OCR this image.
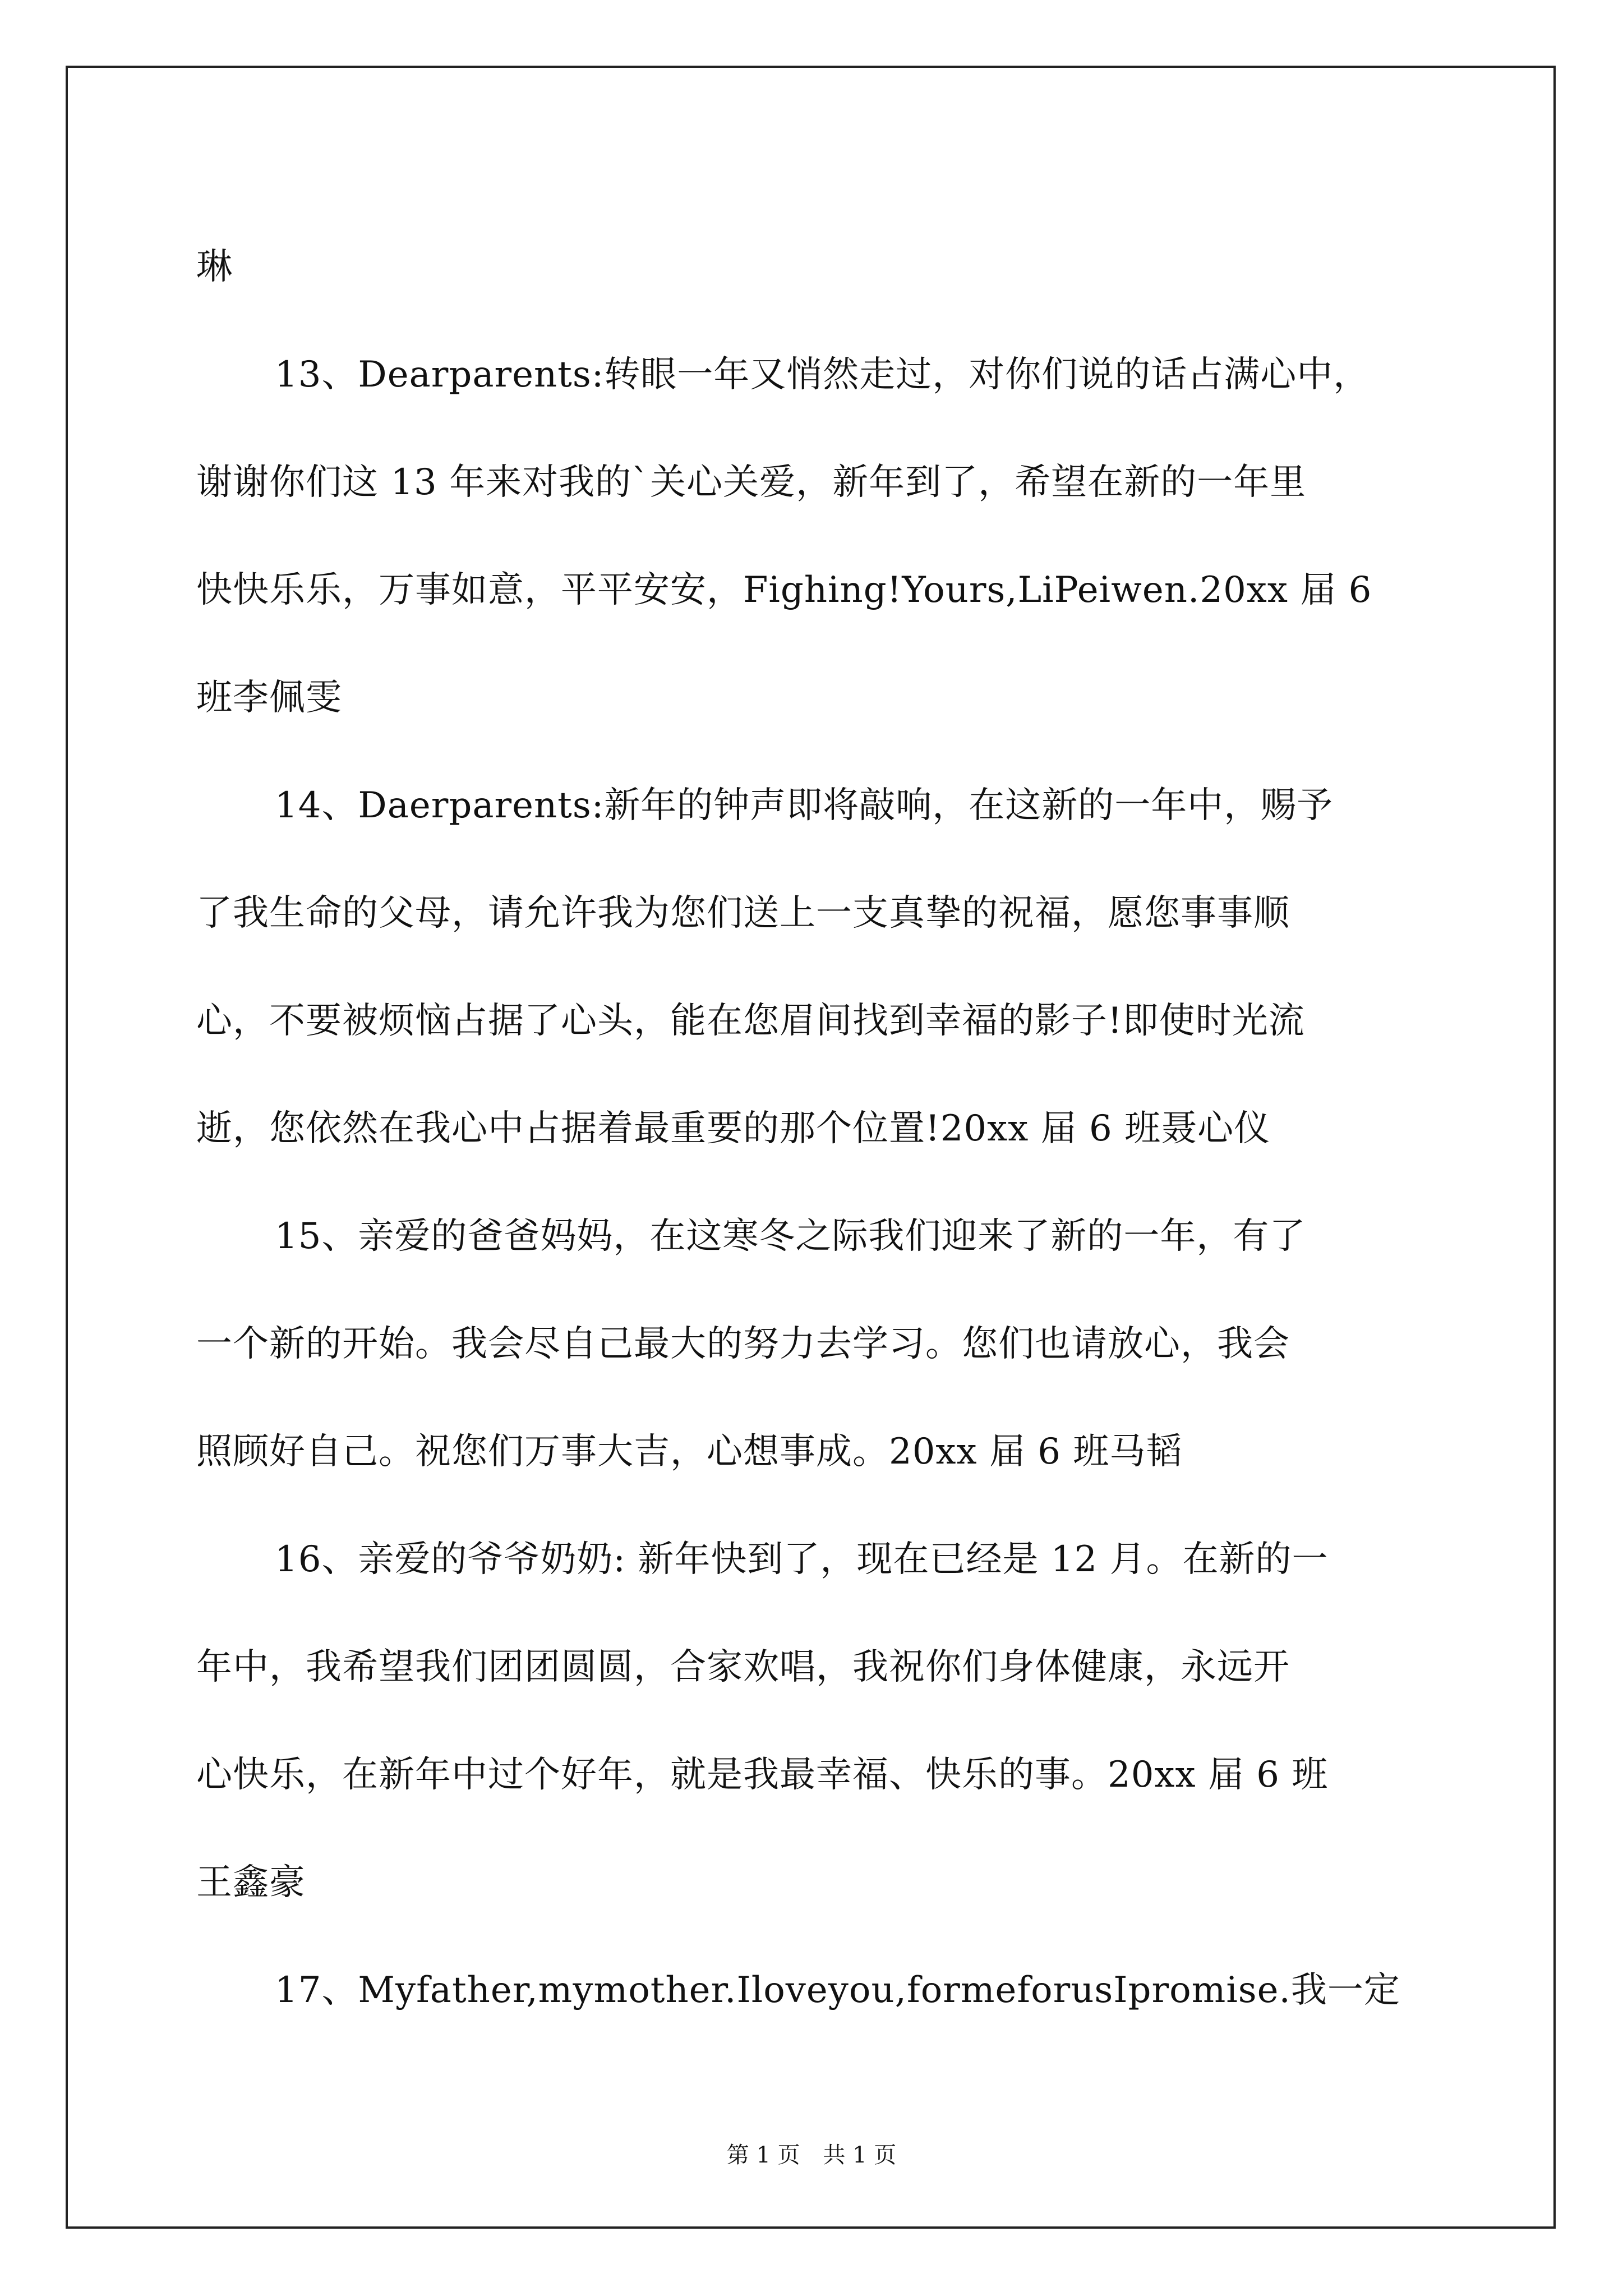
琳
13、Dearparents:转眼一年又悄然走过，对你们说的话占满心中，
谢谢你们这 13 年来对我的`关心关爱，新年到了，希望在新的一年里
快快乐乐，万事如意，平平安安，Fighing!Yours,LiPeiwen.20xx 届 6
班李佩雯
14、Daerparents:新年的钟声即将敲响，在这新的一年中，赐予
了我生命的父母，请允许我为您们送上一支真挚的祝福，愿您事事顺
心，不要被烦恼占据了心头，能在您眉间找到幸福的影子!即使时光流
逝，您依然在我心中占据着最重要的那个位置!20xx 届 6 班聂心仪
15、亲爱的爸爸妈妈，在这寒冬之际我们迎来了新的一年，有了
一个新的开始。我会尽自己最大的努力去学习。您们也请放心，我会
照顾好自己。祝您们万事大吉，心想事成。20xx 届 6 班马韬
16、亲爱的爷爷奶奶: 新年快到了，现在已经是 12 月。在新的一
年中，我希望我们团团圆圆，合家欢唱，我祝你们身体健康，永远开
心快乐，在新年中过个好年，就是我最幸福、快乐的事。20xx 届 6 班
王鑫豪
17、Myfather,mymother.Iloveyou,formeforusIpromise.我一定
第 1 页 共 1 页
